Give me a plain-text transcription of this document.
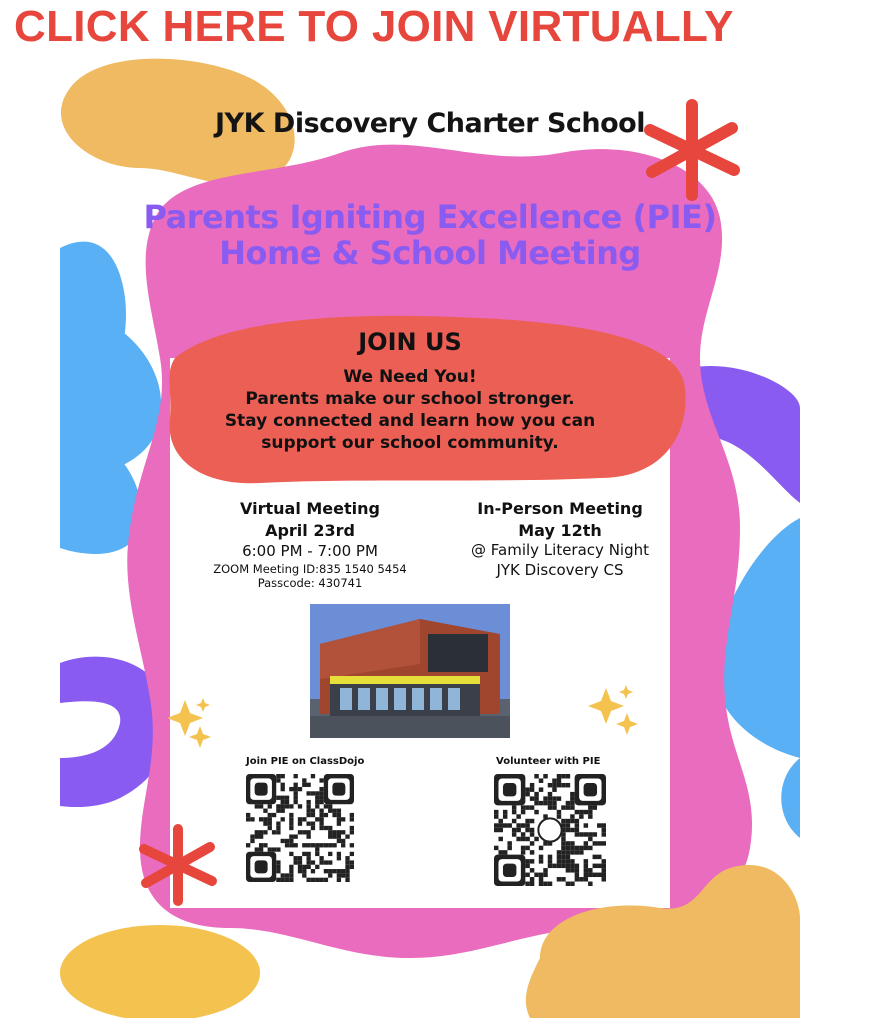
CLICK HERE TO JOIN VIRTUALLY
JYK Discovery Charter School
Parents Igniting Excellence (PIE)
Home & School Meeting
JOIN US
We Need You!
Parents make our school stronger.
Stay connected and learn how you can
support our school community.
Virtual Meeting
April 23rd
6:00 PM - 7:00 PM
ZOOM Meeting ID:835 1540 5454
Passcode: 430741
In-Person Meeting
May 12th
@ Family Literacy Night
JYK Discovery CS
Join PIE on ClassDojo	Volunteer with PIE
